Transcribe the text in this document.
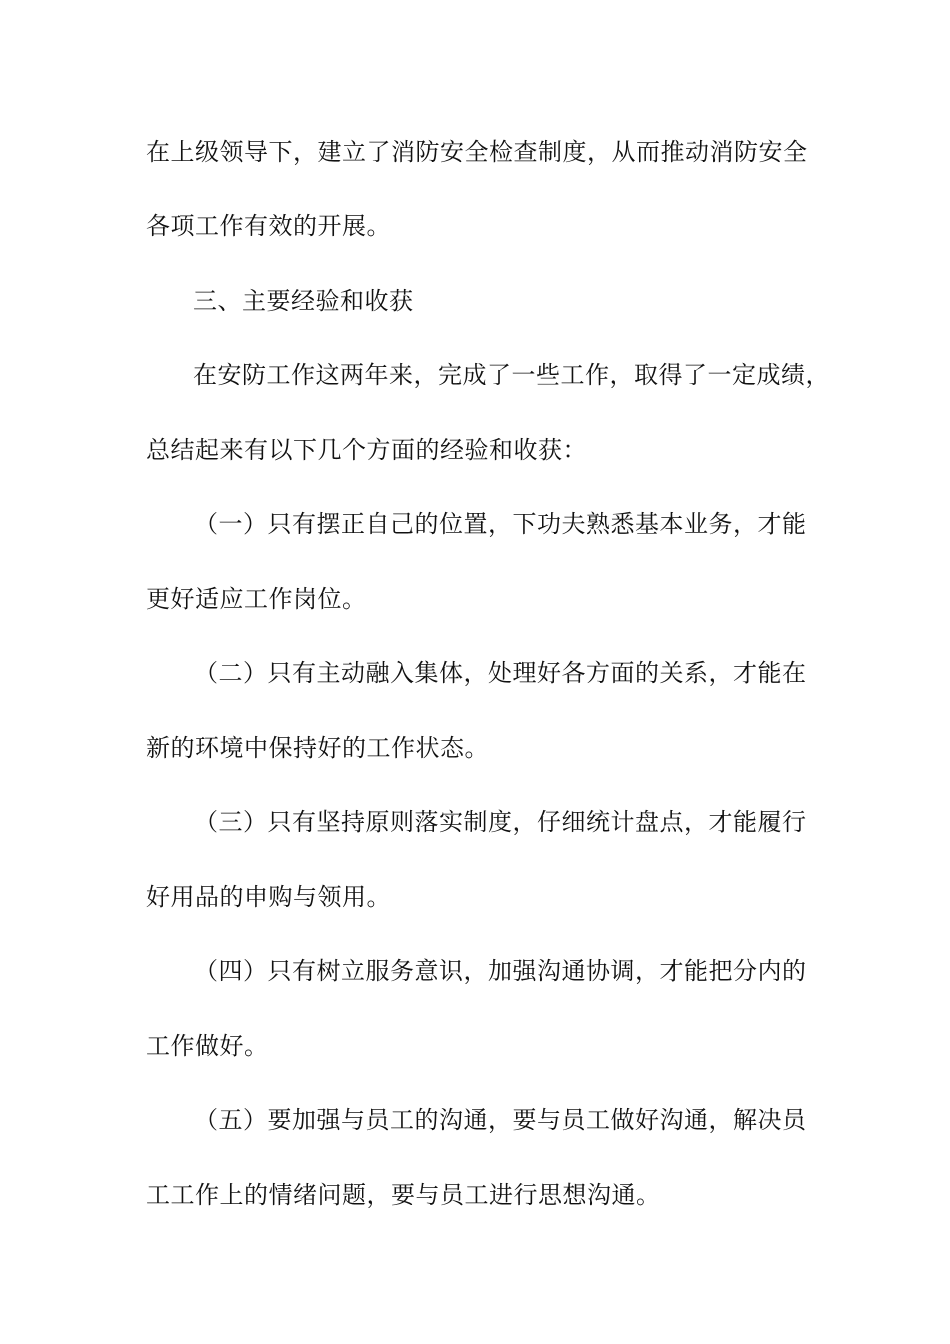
在上级领导下，建立了消防安全检查制度，从而推动消防安全
各项工作有效的开展。
三、主要经验和收获
在安防工作这两年来，完成了一些工作，取得了一定成绩，
总结起来有以下几个方面的经验和收获：
（一）只有摆正自己的位置，下功夫熟悉基本业务，才能
更好适应工作岗位。
（二）只有主动融入集体，处理好各方面的关系，才能在
新的环境中保持好的工作状态。
（三）只有坚持原则落实制度，仔细统计盘点，才能履行
好用品的申购与领用。
（四）只有树立服务意识，加强沟通协调，才能把分内的
工作做好。
（五）要加强与员工的沟通，要与员工做好沟通，解决员
工工作上的情绪问题，要与员工进行思想沟通。
